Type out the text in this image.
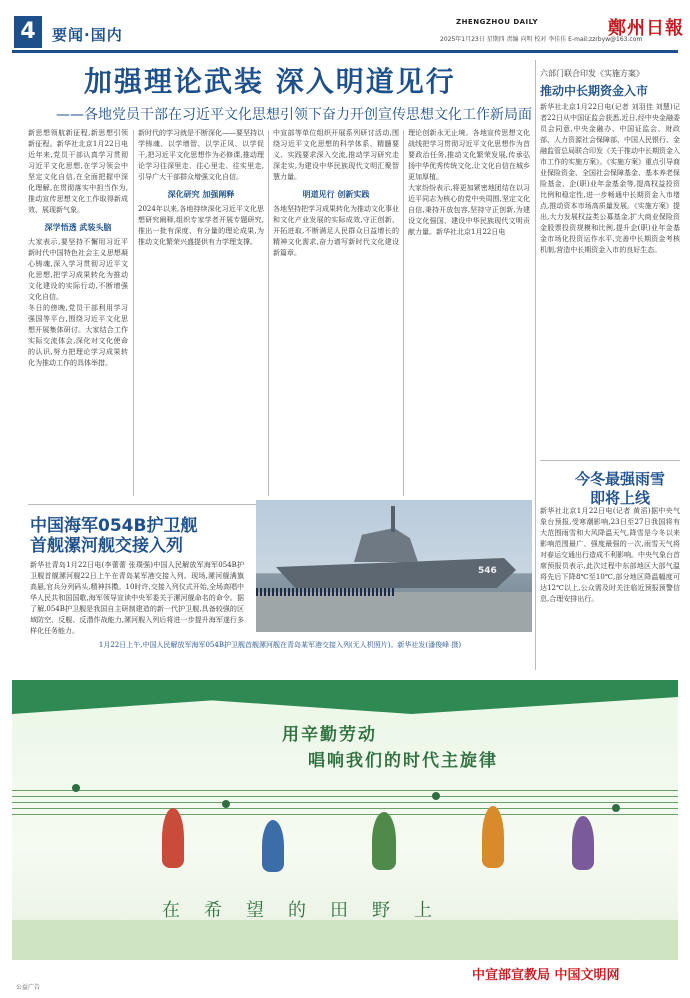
4	要闻·国内
ZHENGZHOU DAILY	鄭州日報
2025年1月23日 星期四 责编 向明 校对 李佳佳 E-mail:zzrbyw@163.com
加强理论武装 深入明道见行
——各地党员干部在习近平文化思想引领下奋力开创宣传思想文化工作新局面

新思想领航新征程,新思想引领新征程。新华社北京1月22日电 近年来,党员干部认真学习贯彻习近平文化思想,在学习领会中坚定文化自信,在全面把握中深化理解,在贯彻落实中担当作为,推动宣传思想文化工作取得新成效、展现新气象。

深学悟透 武装头脑

大家表示,要坚持不懈用习近平新时代中国特色社会主义思想凝心铸魂,深入学习贯彻习近平文化思想,把学习成果转化为推动文化建设的实际行动,不断增强文化自信。

冬日的傍晚,党员干部利用学习强国等平台,围绕习近平文化思想开展集体研讨。大家结合工作实际交流体会,深化对文化使命的认识,努力把理论学习成果转化为推动工作的具体举措。

新时代的学习就是不断深化——要坚持以学铸魂、以学增智、以学正风、以学促干,把习近平文化思想作为必修课,推动理论学习往深里走、往心里走、往实里走,引导广大干部群众增强文化自信。

深化研究 加强阐释

2024年以来,各地持续深化习近平文化思想研究阐释,组织专家学者开展专题研究,推出一批有深度、有分量的理论成果,为推动文化繁荣兴盛提供有力学理支撑。

中宣部等单位组织开展系列研讨活动,围绕习近平文化思想的科学体系、精髓要义、实践要求深入交流,推动学习研究走深走实,为建设中华民族现代文明汇聚智慧力量。

明道见行 创新实践

各地坚持把学习成果转化为推动文化事业和文化产业发展的实际成效,守正创新、开拓进取,不断满足人民群众日益增长的精神文化需求,奋力谱写新时代文化建设新篇章。

理论创新永无止境。各地宣传思想文化战线把学习贯彻习近平文化思想作为首要政治任务,推动文化繁荣发展,传承弘扬中华优秀传统文化,让文化自信在城乡更加厚植。

大家纷纷表示,将更加紧密地团结在以习近平同志为核心的党中央周围,坚定文化自信,秉持开放包容,坚持守正创新,为建设文化强国、建设中华民族现代文明贡献力量。新华社北京1月22日电

六部门联合印发《实施方案》
推动中长期资金入市

新华社北京1月22日电(记者 刘羽佳 刘慧)记者22日从中国证监会获悉,近日,经中央金融委员会同意,中央金融办、中国证监会、财政部、人力资源社会保障部、中国人民银行、金融监管总局联合印发《关于推动中长期资金入市工作的实施方案》。《实施方案》重点引导商业保险资金、全国社会保障基金、基本养老保险基金、企(职)业年金基金等,提高权益投资比例和稳定性,进一步畅通中长期资金入市堵点,推动资本市场高质量发展。《实施方案》提出,大力发展权益类公募基金,扩大商业保险资金股票投资规模和比例,提升企(职)业年金基金市场化投资运作水平,完善中长期资金考核机制,营造中长期资金入市的良好生态。

今冬最强雨雪
即将上线

新华社北京1月22日电(记者 黄滔)据中央气象台预报,受寒潮影响,23日至27日我国将有大范围雨雪和大风降温天气,降雪是今冬以来影响范围最广、强度最强的一次,雨雪天气将对春运交通出行造成不利影响。中央气象台首席预报员表示,此次过程中东部地区大部气温将先后下降8℃至10℃,部分地区降温幅度可达12℃以上,公众需及时关注临近预报预警信息,合理安排出行。

中国海军054B护卫舰
首舰漯河舰交接入列

新华社青岛1月22日电(李蕾蕾 张璞强)中国人民解放军海军054B护卫舰首舰漯河舰22日上午在青岛某军港交接入列。现场,漯河舰满旗高悬,官兵分列码头,精神抖擞。10时许,交接入列仪式开始,全场高唱中华人民共和国国歌,海军领导宣读中央军委关于漯河舰命名的命令。据了解,054B护卫舰是我国自主研制建造的新一代护卫舰,具备较强的区域防空、反舰、反潜作战能力,漯河舰入列后将进一步提升海军遂行多样化任务能力。

546
1月22日上午,中国人民解放军海军054B护卫舰首舰漯河舰在青岛某军港交接入列(无人机照片)。新华社发(潘俊峰 摄)
用辛勤劳动
唱响我们的时代主旋律
在希望的田野上
中宣部宣教局 中国文明网
公益广告
